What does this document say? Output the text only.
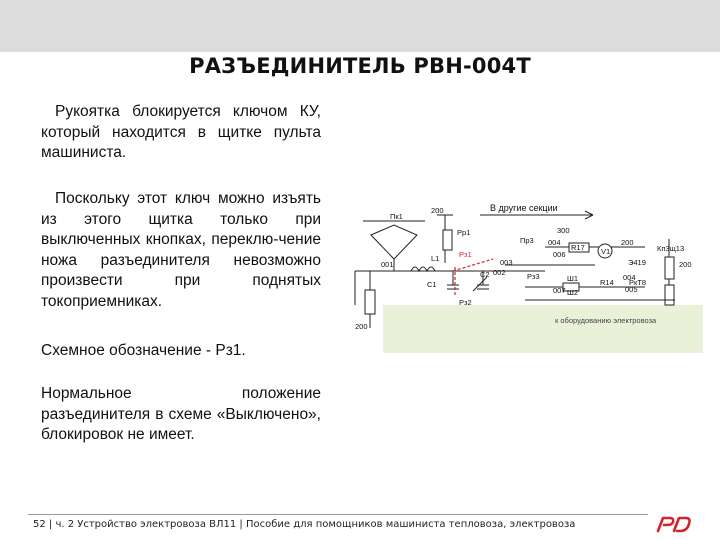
РАЗЪЕДИНИТЕЛЬ РВН-004Т
Рукоятка блокируется ключом КУ, который находится в щитке пульта машиниста.
Поскольку этот ключ можно изъять из этого щитка только при выключенных кнопках, переклю-чение ножа разъединителя невозможно произвести при поднятых токоприемниках.
Схемное обозначение - Рз1.
Нормальное положение разъединителя в схеме «Выключено», блокировок не имеет.
Пк1
200	В другие секции
Рр1	300
Пр3 004
006
R17 V1
200
Кп3щ13
Э419	200
Рз1
L1
001
002
003
Рз3	Ш1	R14
004
005
РкТ8
C1
Рз2
C2
007 Ш2
200
к оборудованию электровоза
52 | ч. 2 Устройство электровоза ВЛ11 | Пособие для помощников машиниста тепловоза, электровоза
